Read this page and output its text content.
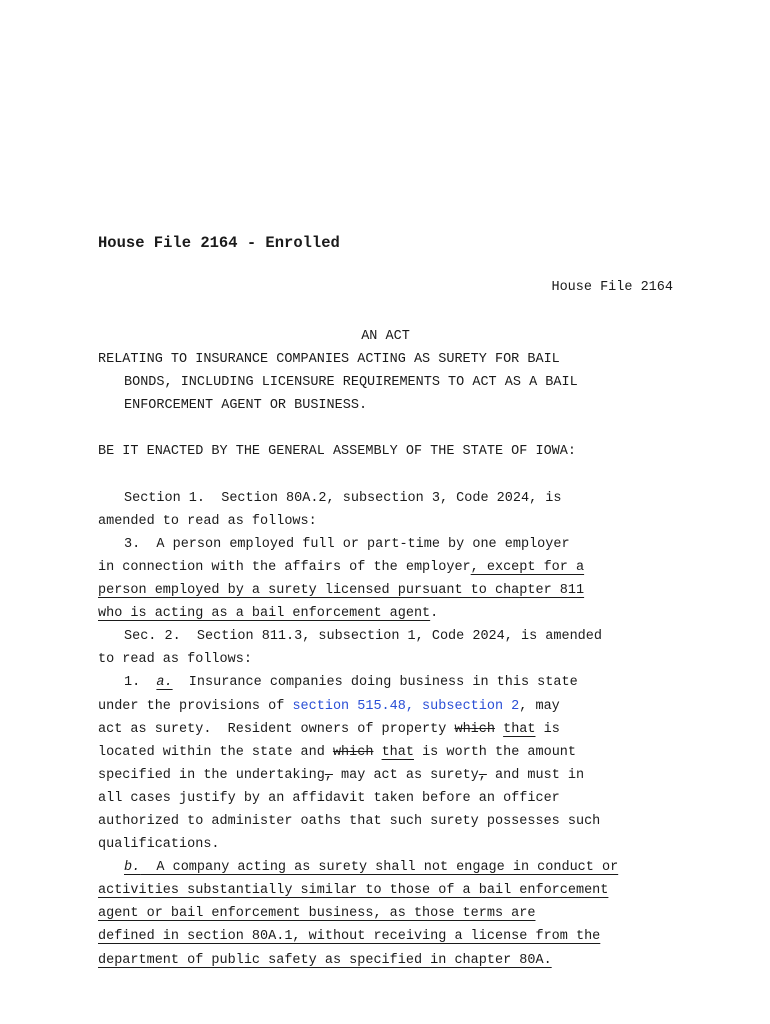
House File 2164 - Enrolled
House File 2164
AN ACT
RELATING TO INSURANCE COMPANIES ACTING AS SURETY FOR BAIL
BONDS, INCLUDING LICENSURE REQUIREMENTS TO ACT AS A BAIL
ENFORCEMENT AGENT OR BUSINESS.
BE IT ENACTED BY THE GENERAL ASSEMBLY OF THE STATE OF IOWA:
Section 1.  Section 80A.2, subsection 3, Code 2024, is
amended to read as follows:
3.  A person employed full or part-time by one employer
in connection with the affairs of the employer, except for a
person employed by a surety licensed pursuant to chapter 811
who is acting as a bail enforcement agent.
Sec. 2.  Section 811.3, subsection 1, Code 2024, is amended
to read as follows:
1.  a.  Insurance companies doing business in this state
under the provisions of section 515.48, subsection 2, may
act as surety.  Resident owners of property which that is
located within the state and which that is worth the amount
specified in the undertaking, may act as surety, and must in
all cases justify by an affidavit taken before an officer
authorized to administer oaths that such surety possesses such
qualifications.
b.  A company acting as surety shall not engage in conduct or
activities substantially similar to those of a bail enforcement
agent or bail enforcement business, as those terms are
defined in section 80A.1, without receiving a license from the
department of public safety as specified in chapter 80A.
